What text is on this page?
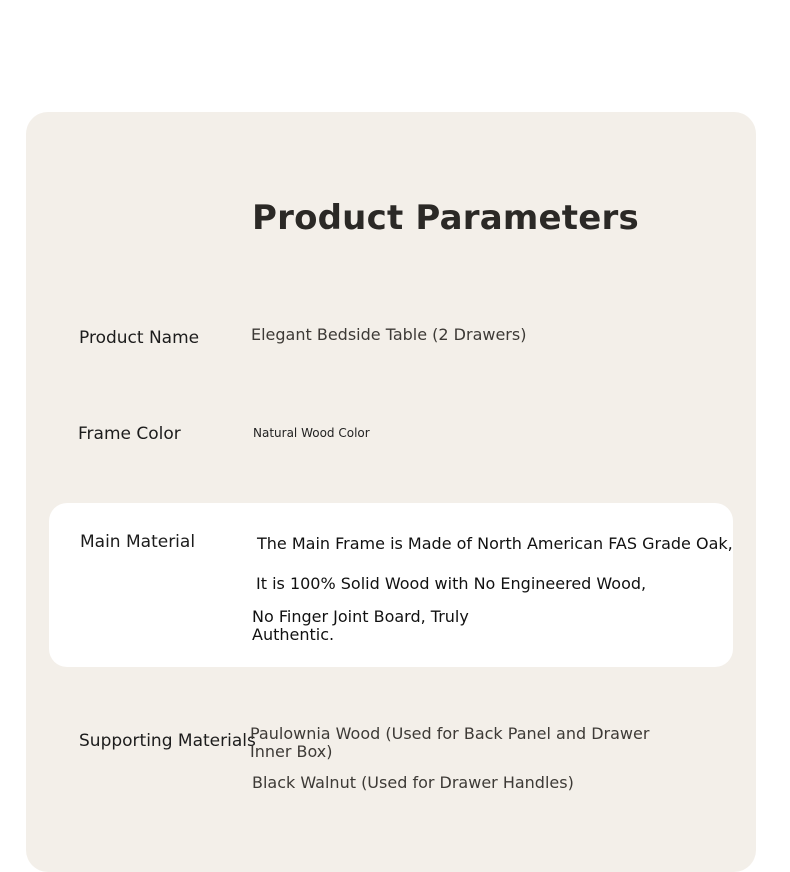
Product Parameters
Product Name	Elegant Bedside Table (2 Drawers)
Frame Color	Natural Wood Color
Main Material	The Main Frame is Made of North American FAS Grade Oak,
It is 100% Solid Wood with No Engineered Wood,
No Finger Joint Board, Truly
Authentic.
Supporting Materials
Paulownia Wood (Used for Back Panel and Drawer
Inner Box)
Black Walnut (Used for Drawer Handles)
